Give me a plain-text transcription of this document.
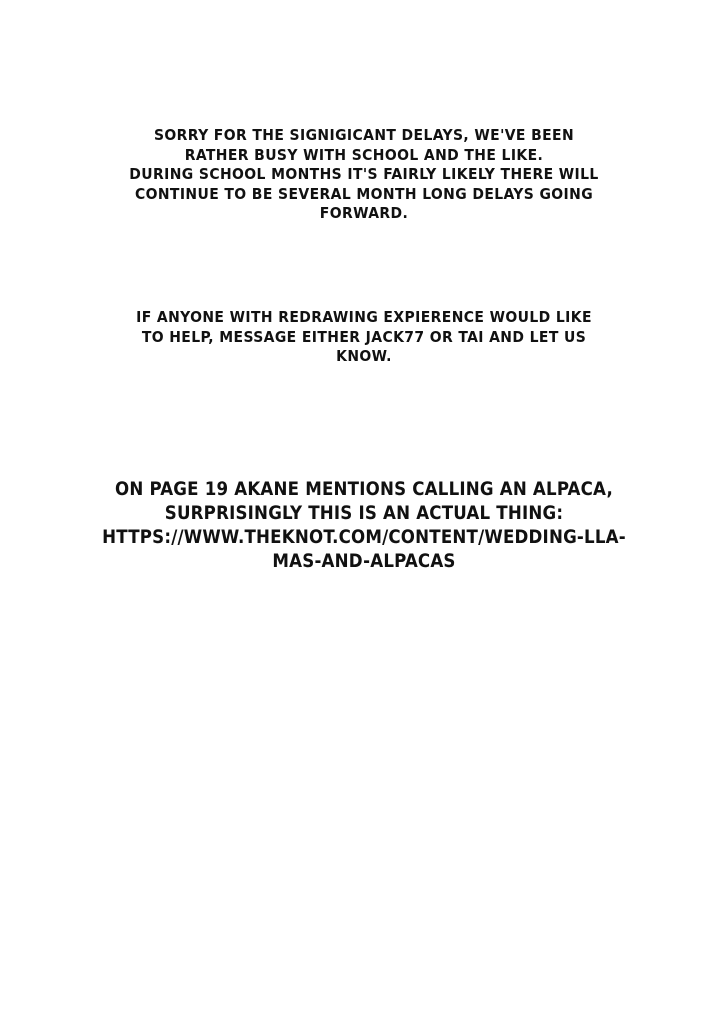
SORRY FOR THE SIGNIGICANT DELAYS, WE'VE BEEN
RATHER BUSY WITH SCHOOL AND THE LIKE.
DURING SCHOOL MONTHS IT'S FAIRLY LIKELY THERE WILL
CONTINUE TO BE SEVERAL MONTH LONG DELAYS GOING
FORWARD.
IF ANYONE WITH REDRAWING EXPIERENCE WOULD LIKE
TO HELP, MESSAGE EITHER JACK77 OR TAI AND LET US
KNOW.
ON PAGE 19 AKANE MENTIONS CALLING AN ALPACA,
SURPRISINGLY THIS IS AN ACTUAL THING:
HTTPS://WWW.THEKNOT.COM/CONTENT/WEDDING-LLA-
MAS-AND-ALPACAS
